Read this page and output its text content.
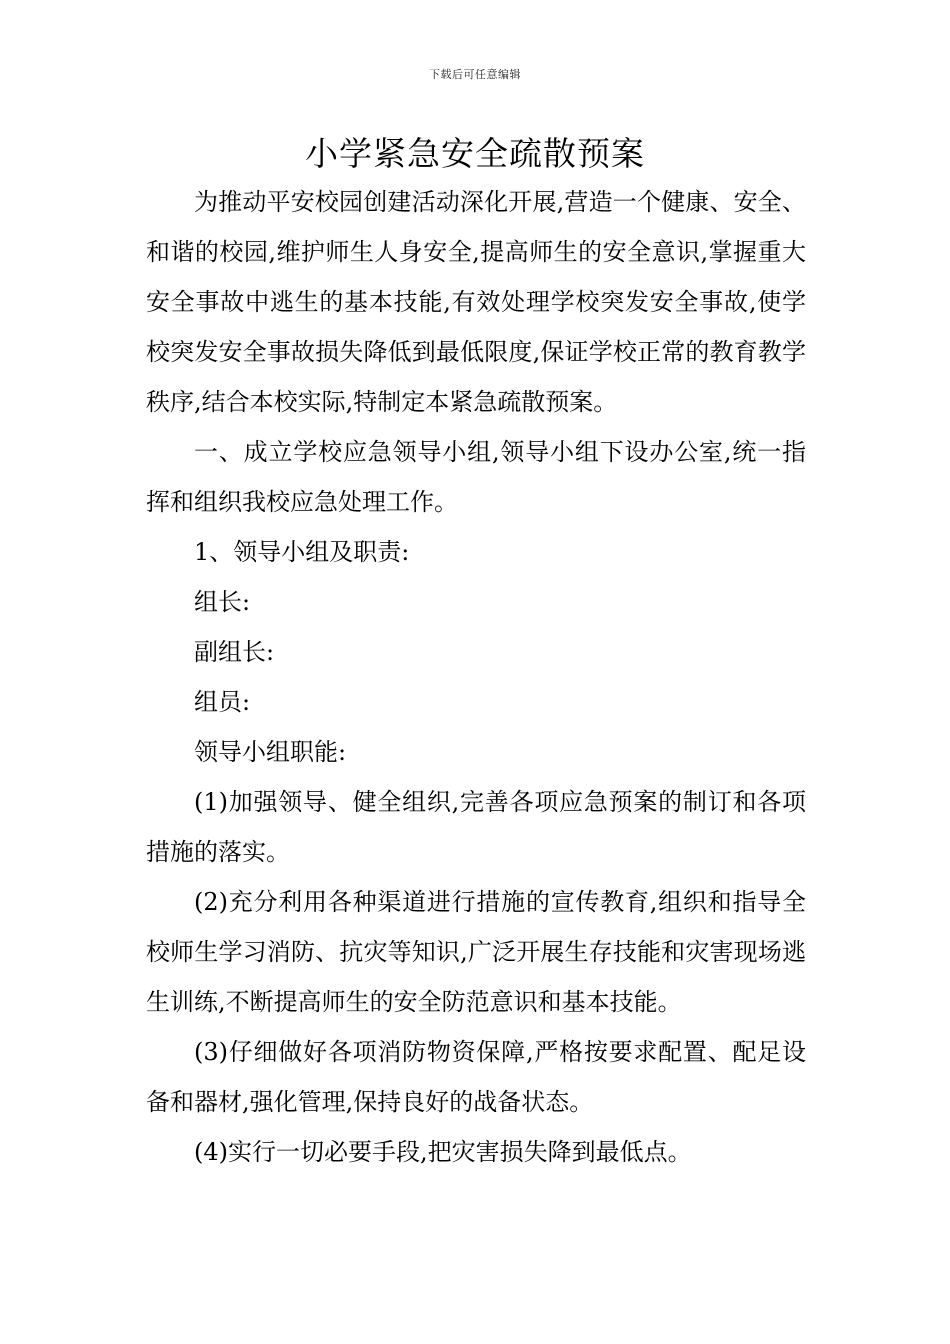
下载后可任意编辑
小学紧急安全疏散预案

为推动平安校园创建活动深化开展,营造一个健康、安全、和谐的校园,维护师生人身安全,提高师生的安全意识,掌握重大安全事故中逃生的基本技能,有效处理学校突发安全事故,使学校突发安全事故损失降低到最低限度,保证学校正常的教育教学秩序,结合本校实际,特制定本紧急疏散预案。

一、成立学校应急领导小组,领导小组下设办公室,统一指挥和组织我校应急处理工作。

1、领导小组及职责:

组长:

副组长:

组员:

领导小组职能:

(1)加强领导、健全组织,完善各项应急预案的制订和各项措施的落实。

(2)充分利用各种渠道进行措施的宣传教育,组织和指导全校师生学习消防、抗灾等知识,广泛开展生存技能和灾害现场逃生训练,不断提高师生的安全防范意识和基本技能。

(3)仔细做好各项消防物资保障,严格按要求配置、配足设备和器材,强化管理,保持良好的战备状态。

(4)实行一切必要手段,把灾害损失降到最低点。
